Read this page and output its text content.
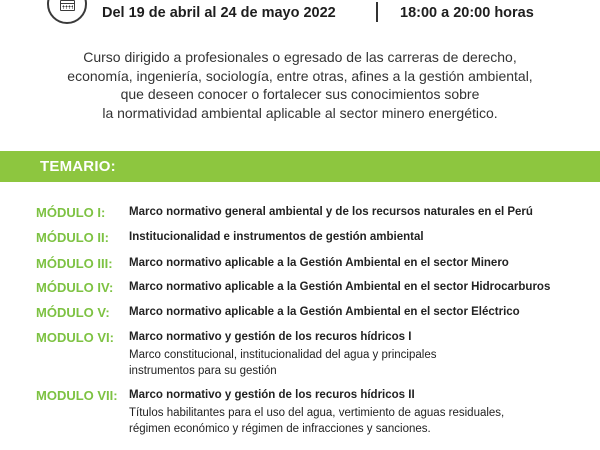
Del 19 de abril al 24 de mayo 2022	18:00 a 20:00 horas

Curso dirigido a profesionales o egresado de las carreras de derecho,

economía, ingeniería, sociología, entre otras, afines a la gestión ambiental,

que deseen conocer o fortalecer sus conocimientos sobre

la normatividad ambiental aplicable al sector minero energético.

TEMARIO:
MÓDULO I: Marco normativo general ambiental y de los recursos naturales en el Perú
MÓDULO II: Institucionalidad e instrumentos de gestión ambiental
MÓDULO III: Marco normativo aplicable a la Gestión Ambiental en el sector Minero
MÓDULO IV: Marco normativo aplicable a la Gestión Ambiental en el sector Hidrocarburos
MÓDULO V: Marco normativo aplicable a la Gestión Ambiental en el sector Eléctrico
MODULO VI: Marco normativo y gestión de los recuros hídricos I
Marco constitucional, institucionalidad del agua y principales
instrumentos para su gestión
MODULO VII: Marco normativo y gestión de los recuros hídricos II
Títulos habilitantes para el uso del agua, vertimiento de aguas residuales,
régimen económico y régimen de infracciones y sanciones.
